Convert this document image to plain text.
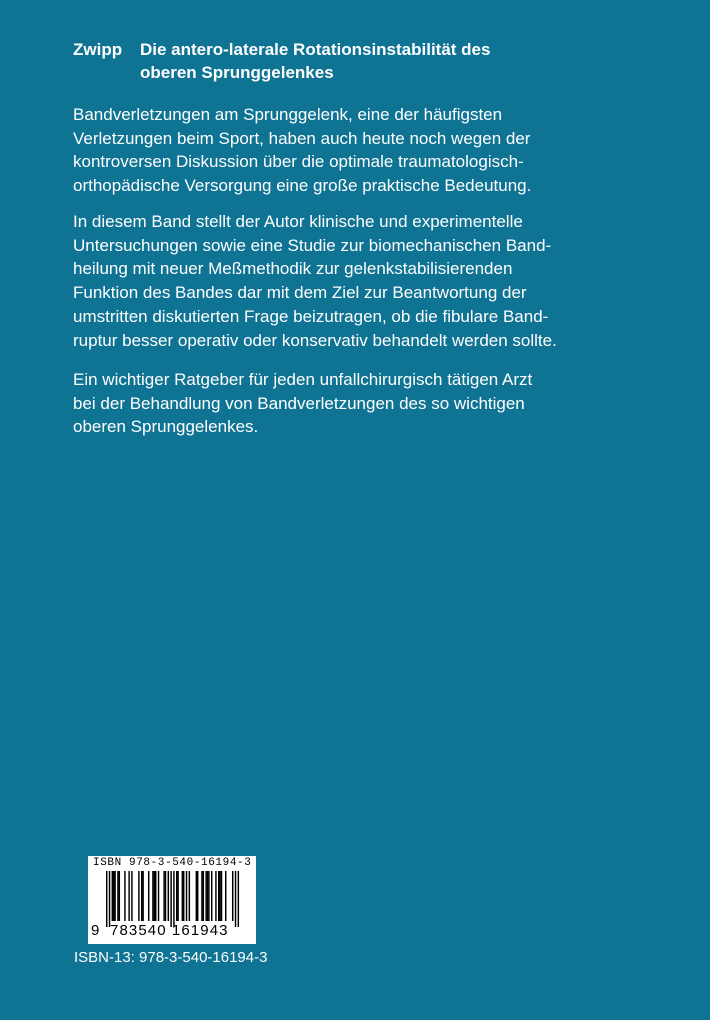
Zwipp	Die antero-laterale Rotationsinstabilität des
oberen Sprunggelenkes
Bandverletzungen am Sprunggelenk, eine der häufigsten
Verletzungen beim Sport, haben auch heute noch wegen der
kontroversen Diskussion über die optimale traumatologisch-
orthopädische Versorgung eine große praktische Bedeutung.
In diesem Band stellt der Autor klinische und experimentelle
Untersuchungen sowie eine Studie zur biomechanischen Band-
heilung mit neuer Meßmethodik zur gelenkstabilisierenden
Funktion des Bandes dar mit dem Ziel zur Beantwortung der
umstritten diskutierten Frage beizutragen, ob die fibulare Band-
ruptur besser operativ oder konservativ behandelt werden sollte.
Ein wichtiger Ratgeber für jeden unfallchirurgisch tätigen Arzt
bei der Behandlung von Bandverletzungen des so wichtigen
oberen Sprunggelenkes.
ISBN 978-3-540-16194-3
9 783540 161943
ISBN-13: 978-3-540-16194-3
